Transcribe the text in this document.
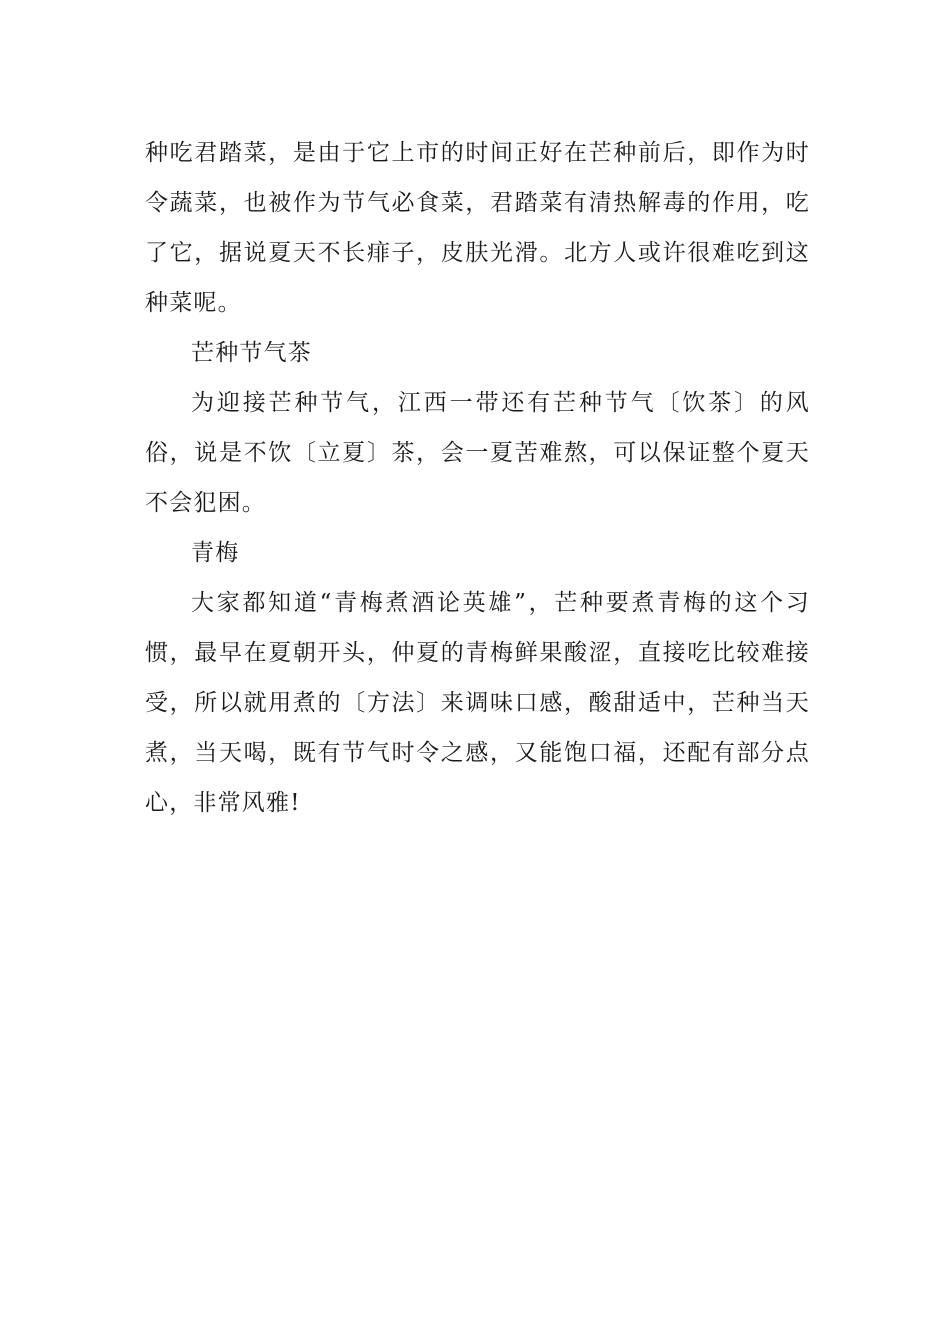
种吃君踏菜，是由于它上市的时间正好在芒种前后，即作为时令蔬菜，也被作为节气必食菜，君踏菜有清热解毒的作用，吃了它，据说夏天不长痱子，皮肤光滑。北方人或许很难吃到这种菜呢。

芒种节气茶

为迎接芒种节气，江西一带还有芒种节气〔饮茶〕的风俗，说是不饮〔立夏〕茶，会一夏苦难熬，可以保证整个夏天不会犯困。

青梅

大家都知道“青梅煮酒论英雄”，芒种要煮青梅的这个习惯，最早在夏朝开头，仲夏的青梅鲜果酸涩，直接吃比较难接受，所以就用煮的〔方法〕来调味口感，酸甜适中，芒种当天煮，当天喝，既有节气时令之感，又能饱口福，还配有部分点心，非常风雅!
